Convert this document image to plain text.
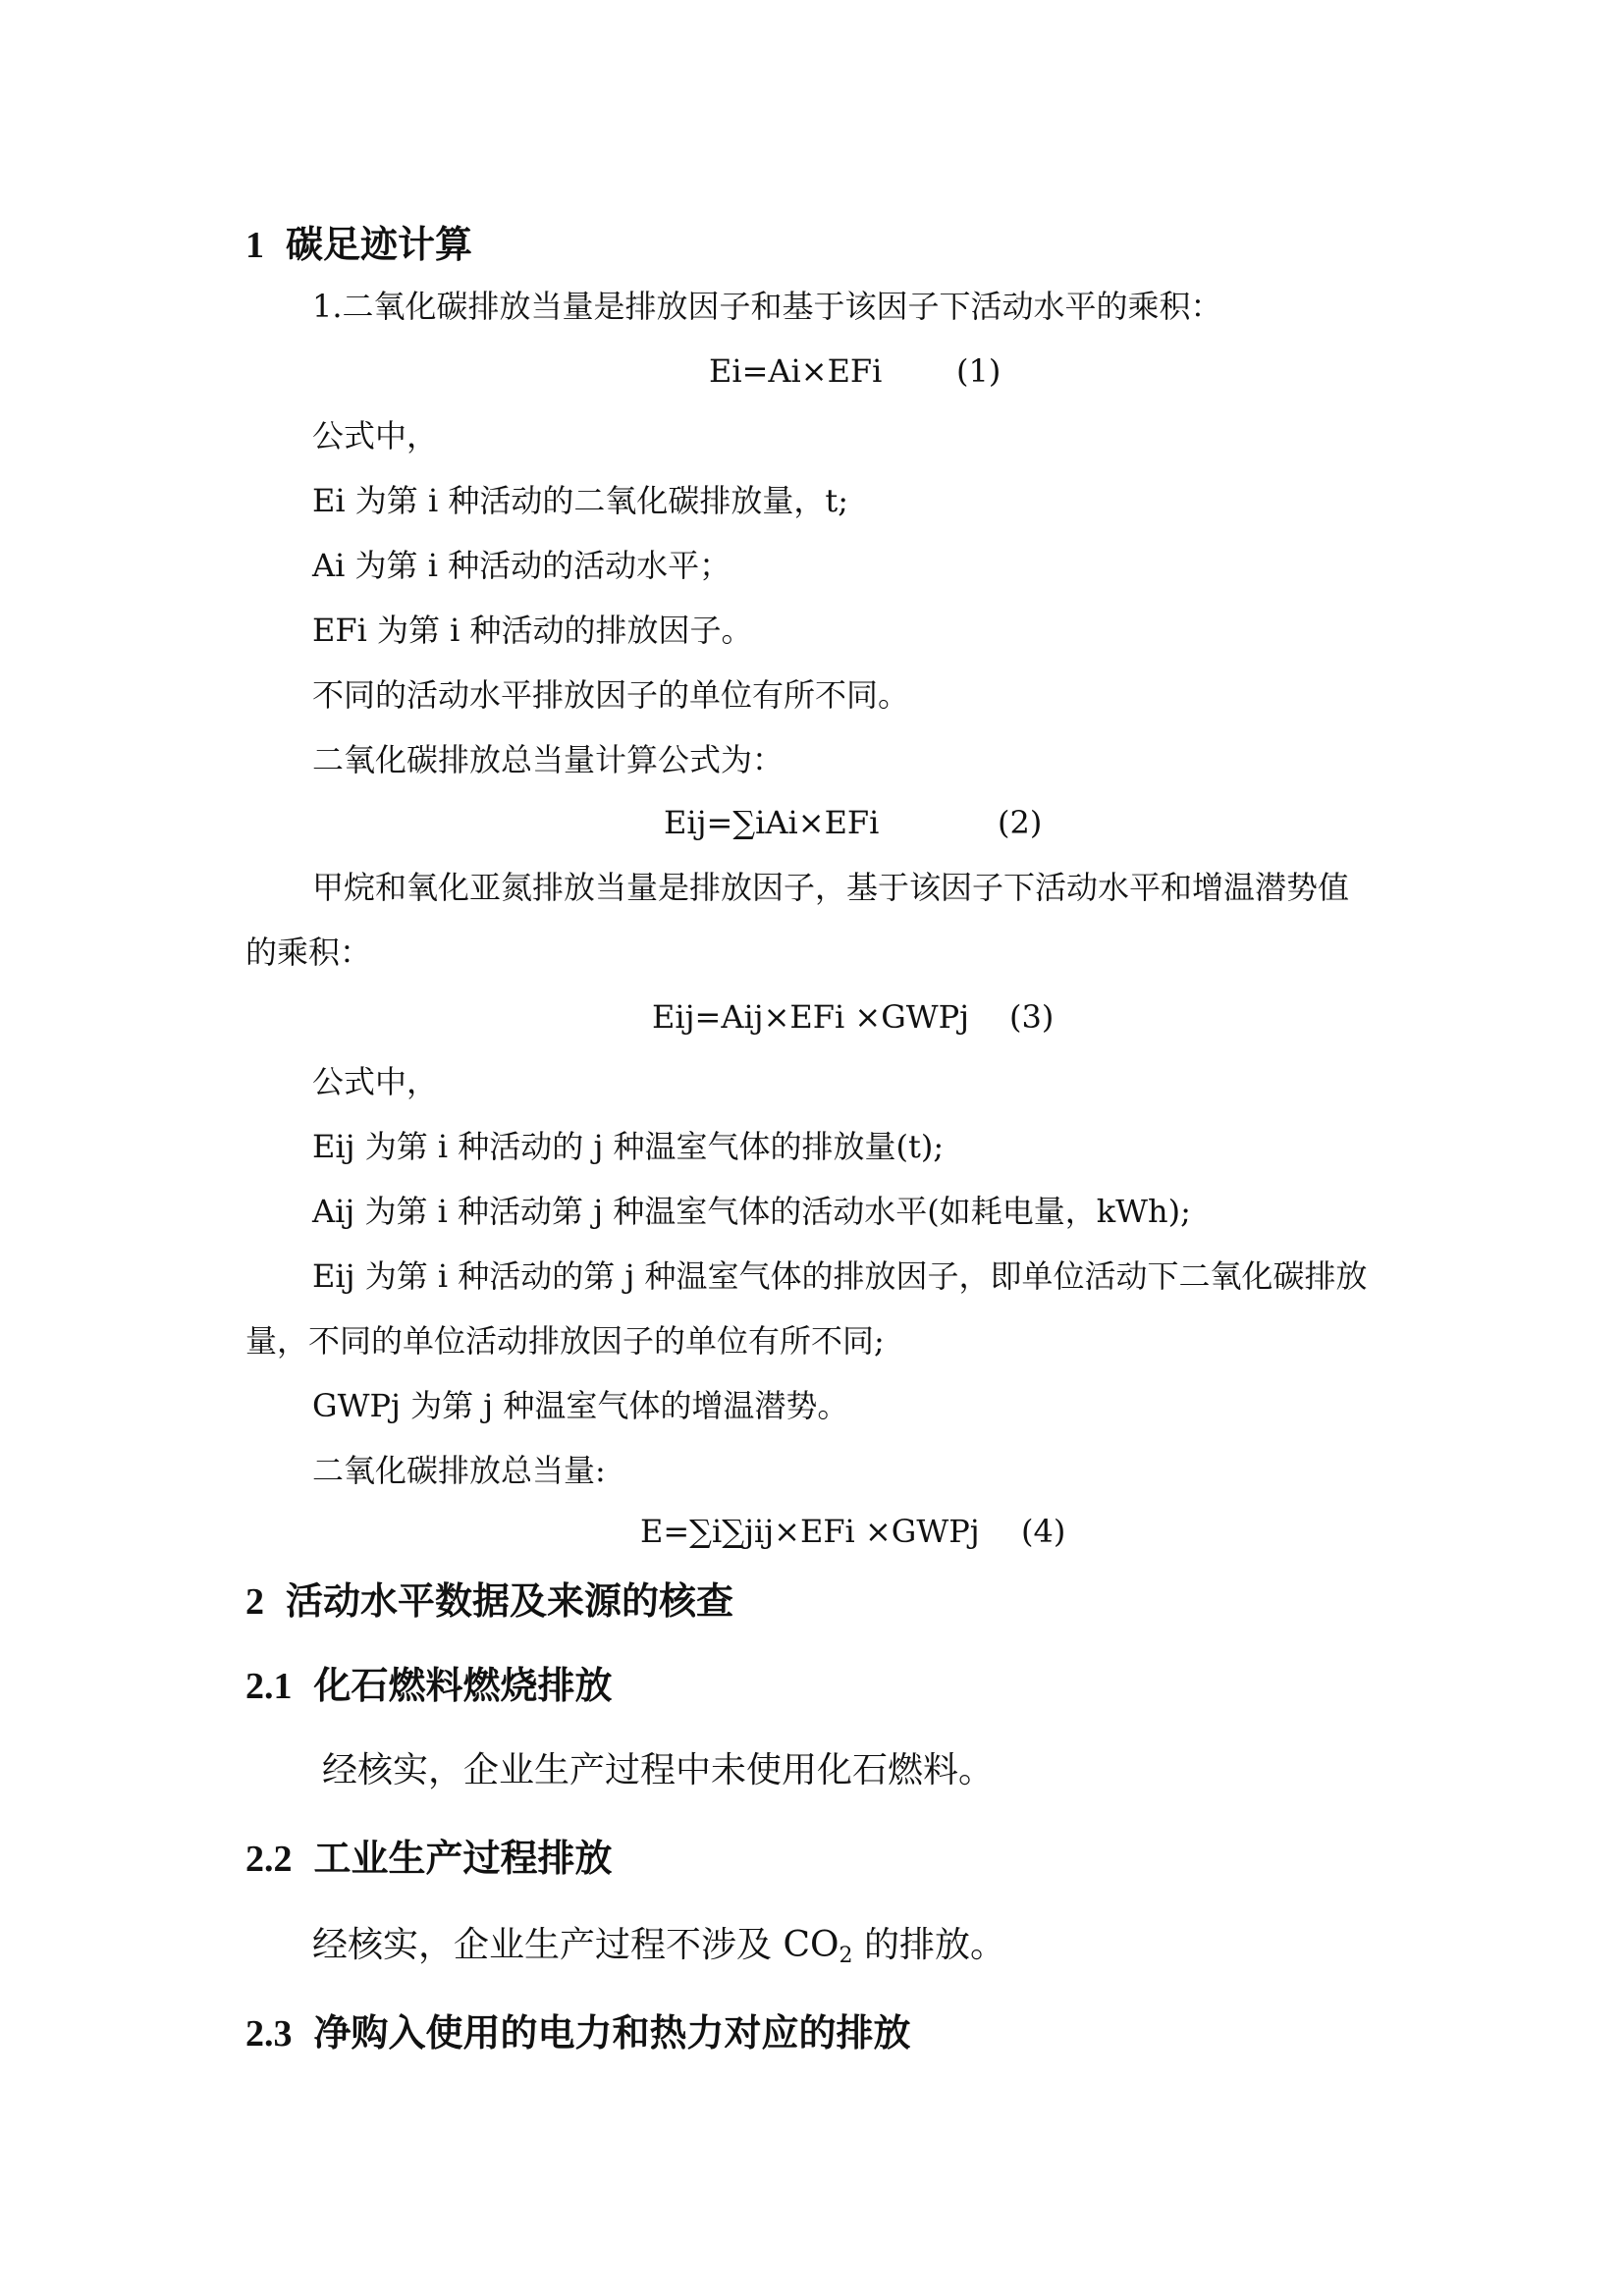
1 碳足迹计算
1.二氧化碳排放当量是排放因子和基于该因子下活动水平的乘积：
Ei=Ai×EFi (1)
公式中，
Ei 为第 i 种活动的二氧化碳排放量，t;
Ai 为第 i 种活动的活动水平；
EFi 为第 i 种活动的排放因子。
不同的活动水平排放因子的单位有所不同。
二氧化碳排放总当量计算公式为：
Eij=∑iAi×EFi	(2)
甲烷和氧化亚氮排放当量是排放因子，基于该因子下活动水平和增温潜势值
的乘积：
Eij=Aij×EFi ×GWPj (3)
公式中，
Eij 为第 i 种活动的 j 种温室气体的排放量(t);
Aij 为第 i 种活动第 j 种温室气体的活动水平(如耗电量，kWh);
Eij 为第 i 种活动的第 j 种温室气体的排放因子，即单位活动下二氧化碳排放
量，不同的单位活动排放因子的单位有所不同;
GWPj 为第 j 种温室气体的增温潜势。
二氧化碳排放总当量:
E=∑i∑jij×EFi ×GWPj (4)
2 活动水平数据及来源的核查
2.1 化石燃料燃烧排放
经核实，企业生产过程中未使用化石燃料。
2.2 工业生产过程排放
经核实，企业生产过程不涉及 $CO_2$ 的排放。
2.3 净购入使用的电力和热力对应的排放
